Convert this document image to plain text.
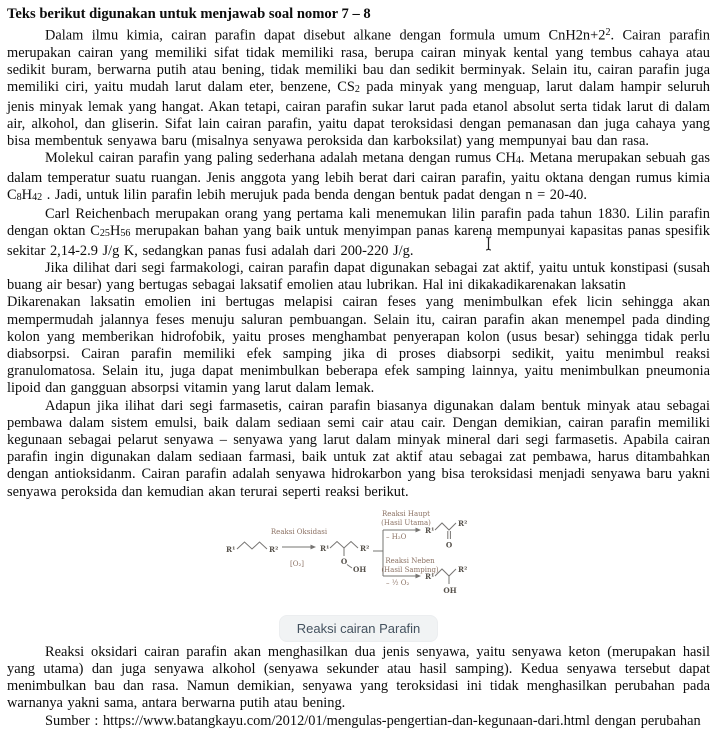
Teks berikut digunakan untuk menjawab soal nomor 7 – 8

Dalam ilmu kimia, cairan parafin dapat disebut alkane dengan formula umum $CnH2n+2^2$. Cairan parafin merupakan cairan yang memiliki sifat tidak memiliki rasa, berupa cairan minyak kental yang tembus cahaya atau sedikit buram, berwarna putih atau bening, tidak memiliki bau dan sedikit berminyak. Selain itu, cairan parafin juga memiliki ciri, yaitu mudah larut dalam eter, benzene, CS2 pada minyak yang menguap, larut dalam hampir seluruh jenis minyak lemak yang hangat. Akan tetapi, cairan parafin sukar larut pada etanol absolut serta tidak larut di dalam air, alkohol, dan gliserin. Sifat lain cairan parafin, yaitu dapat teroksidasi dengan pemanasan dan juga cahaya yang bisa membentuk senyawa baru (misalnya senyawa peroksida dan karboksilat) yang mempunyai bau dan rasa.

Molekul cairan parafin yang paling sederhana adalah metana dengan rumus CH4. Metana merupakan sebuah gas dalam temperatur suatu ruangan. Jenis anggota yang lebih berat dari cairan parafin, yaitu oktana dengan rumus kimia C8H42 . Jadi, untuk lilin parafin lebih merujuk pada benda dengan bentuk padat dengan n = 20-40.

Carl Reichenbach merupakan orang yang pertama kali menemukan lilin parafin pada tahun 1830. Lilin parafin dengan oktan C25H56 merupakan bahan yang baik untuk menyimpan panas karena mempunyai kapasitas panas spesifik sekitar 2,14-2.9 J/g K, sedangkan panas fusi adalah dari 200-220 J/g.

Jika dilihat dari segi farmakologi, cairan parafin dapat digunakan sebagai zat aktif, yaitu untuk konstipasi (susah buang air besar) yang bertugas sebagai laksatif emolien atau lubrikan. Hal ini dikakadikarenakan laksatin

Dikarenakan laksatin emolien ini bertugas melapisi cairan feses yang menimbulkan efek licin sehingga akan mempermudah jalannya feses menuju saluran pembuangan. Selain itu, cairan parafin akan menempel pada dinding kolon yang memberikan hidrofobik, yaitu proses menghambat penyerapan kolon (usus besar) sehingga tidak perlu diabsorpsi. Cairan parafin memiliki efek samping jika di proses diabsorpi sedikit, yaitu menimbul reaksi granulomatosa. Selain itu, juga dapat menimbulkan beberapa efek samping lainnya, yaitu menimbulkan pneumonia lipoid dan gangguan absorpsi vitamin yang larut dalam lemak.

Adapun jika ilihat dari segi farmasetis, cairan parafin biasanya digunakan dalam bentuk minyak atau sebagai pembawa dalam sistem emulsi, baik dalam sediaan semi cair atau cair. Dengan demikian, cairan parafin memiliki kegunaan sebagai pelarut senyawa – senyawa yang larut dalam minyak mineral dari segi farmasetis. Apabila cairan parafin ingin digunakan dalam sediaan farmasi, baik untuk zat aktif atau sebagai zat pembawa, harus ditambahkan dengan antioksidanm. Cairan parafin adalah senyawa hidrokarbon yang bisa teroksidasi menjadi senyawa baru yakni senyawa peroksida dan kemudian akan terurai seperti reaksi berikut.

R¹	R²
Reaksi Oksidasi
[O₂]
R¹	R²
O
OH
Reaksi Haupt
(Hasil Utama)
– H₂O
R¹
R²
O
Reaksi Neben
(Hasil Samping)
– ½ O₂
R¹
R²
OH
Reaksi cairan Parafin

Reaksi oksidari cairan parafin akan menghasilkan dua jenis senyawa, yaitu senyawa keton (merupakan hasil yang utama) dan juga senyawa alkohol (senyawa sekunder atau hasil samping). Kedua senyawa tersebut dapat menimbulkan bau dan rasa. Namun demikian, senyawa yang teroksidasi ini tidak menghasilkan perubahan pada warnanya yakni sama, antara berwarna putih atau bening.

Sumber : https://www.batangkayu.com/2012/01/mengulas-pengertian-dan-kegunaan-dari.html dengan perubahan
